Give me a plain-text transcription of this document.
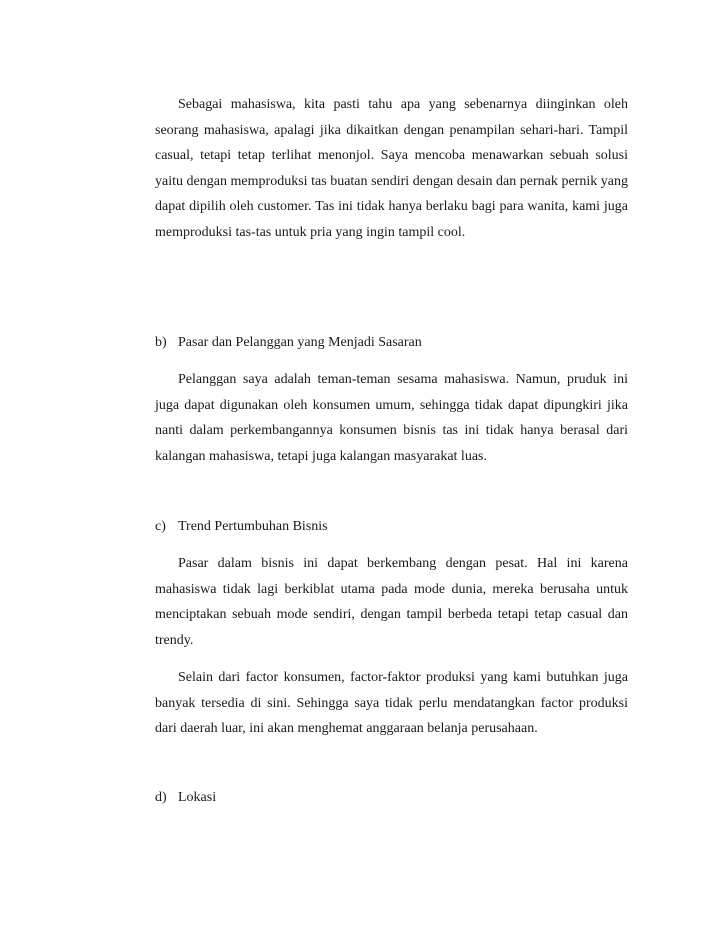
Sebagai mahasiswa, kita pasti tahu apa yang sebenarnya diinginkan oleh seorang mahasiswa, apalagi jika dikaitkan dengan penampilan sehari-hari. Tampil casual, tetapi tetap terlihat menonjol. Saya mencoba menawarkan sebuah solusi yaitu dengan memproduksi tas buatan sendiri dengan desain dan pernak pernik yang dapat dipilih oleh customer. Tas ini tidak hanya berlaku bagi para wanita, kami juga memproduksi tas-tas untuk pria yang ingin tampil cool.

b) Pasar dan Pelanggan yang Menjadi Sasaran

Pelanggan saya adalah teman-teman sesama mahasiswa. Namun, pruduk ini juga dapat digunakan oleh konsumen umum, sehingga tidak dapat dipungkiri jika nanti dalam perkembangannya konsumen bisnis tas ini tidak hanya berasal dari kalangan mahasiswa, tetapi juga kalangan masyarakat luas.

c) Trend Pertumbuhan Bisnis

Pasar dalam bisnis ini dapat berkembang dengan pesat. Hal ini karena mahasiswa tidak lagi berkiblat utama pada mode dunia, mereka berusaha untuk menciptakan sebuah mode sendiri, dengan tampil berbeda tetapi tetap casual dan trendy.

Selain dari factor konsumen, factor-faktor produksi yang kami butuhkan juga banyak tersedia di sini. Sehingga saya tidak perlu mendatangkan factor produksi dari daerah luar, ini akan menghemat anggaraan belanja perusahaan.

d) Lokasi
